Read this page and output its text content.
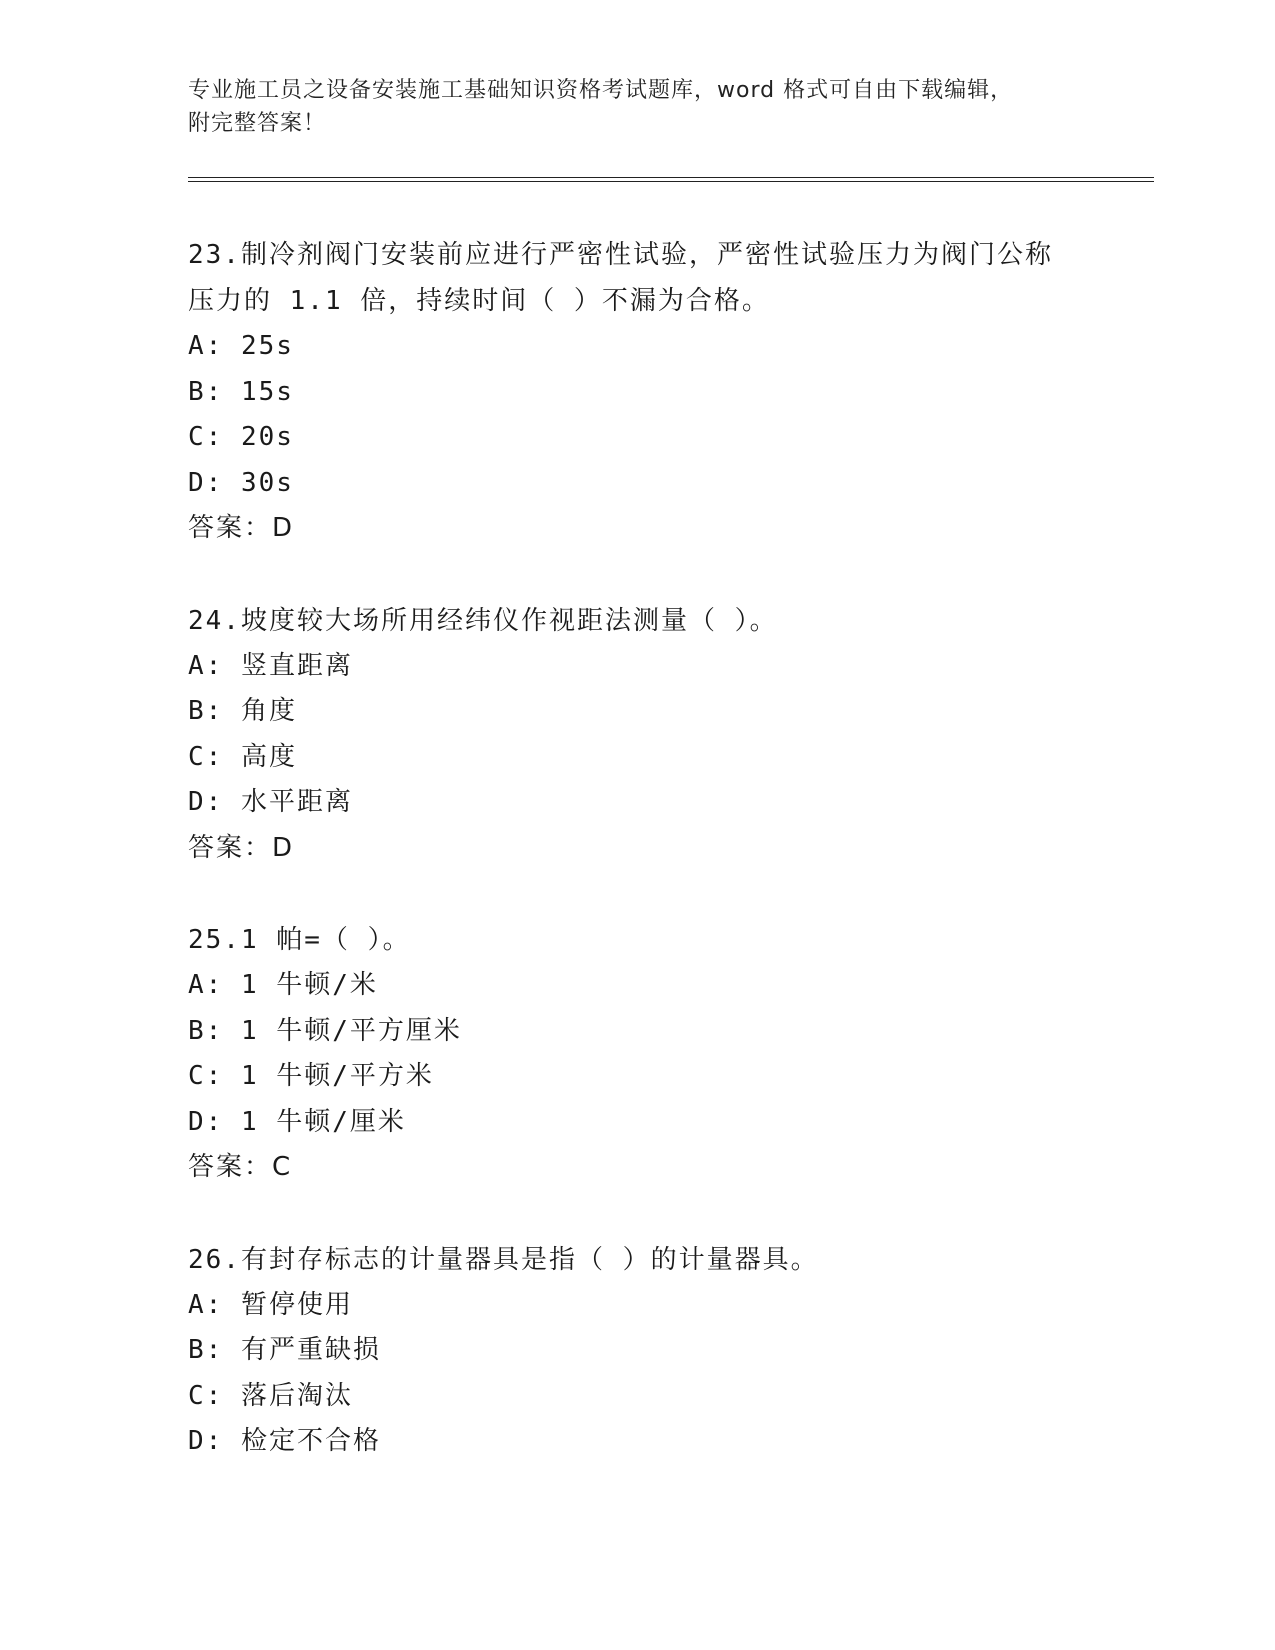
专业施工员之设备安装施工基础知识资格考试题库，word 格式可自由下载编辑，
附完整答案！
23.制冷剂阀门安装前应进行严密性试验，严密性试验压力为阀门公称
压力的 1.1 倍，持续时间（ ）不漏为合格。
A: 25s
B: 15s
C: 20s
D: 30s
答案：D
24.坡度较大场所用经纬仪作视距法测量（ ）。
A: 竖直距离
B: 角度
C: 高度
D: 水平距离
答案：D
25.1 帕=（ ）。
A: 1 牛顿/米
B: 1 牛顿/平方厘米
C: 1 牛顿/平方米
D: 1 牛顿/厘米
答案：C
26.有封存标志的计量器具是指（ ）的计量器具。
A: 暂停使用
B: 有严重缺损
C: 落后淘汰
D: 检定不合格
